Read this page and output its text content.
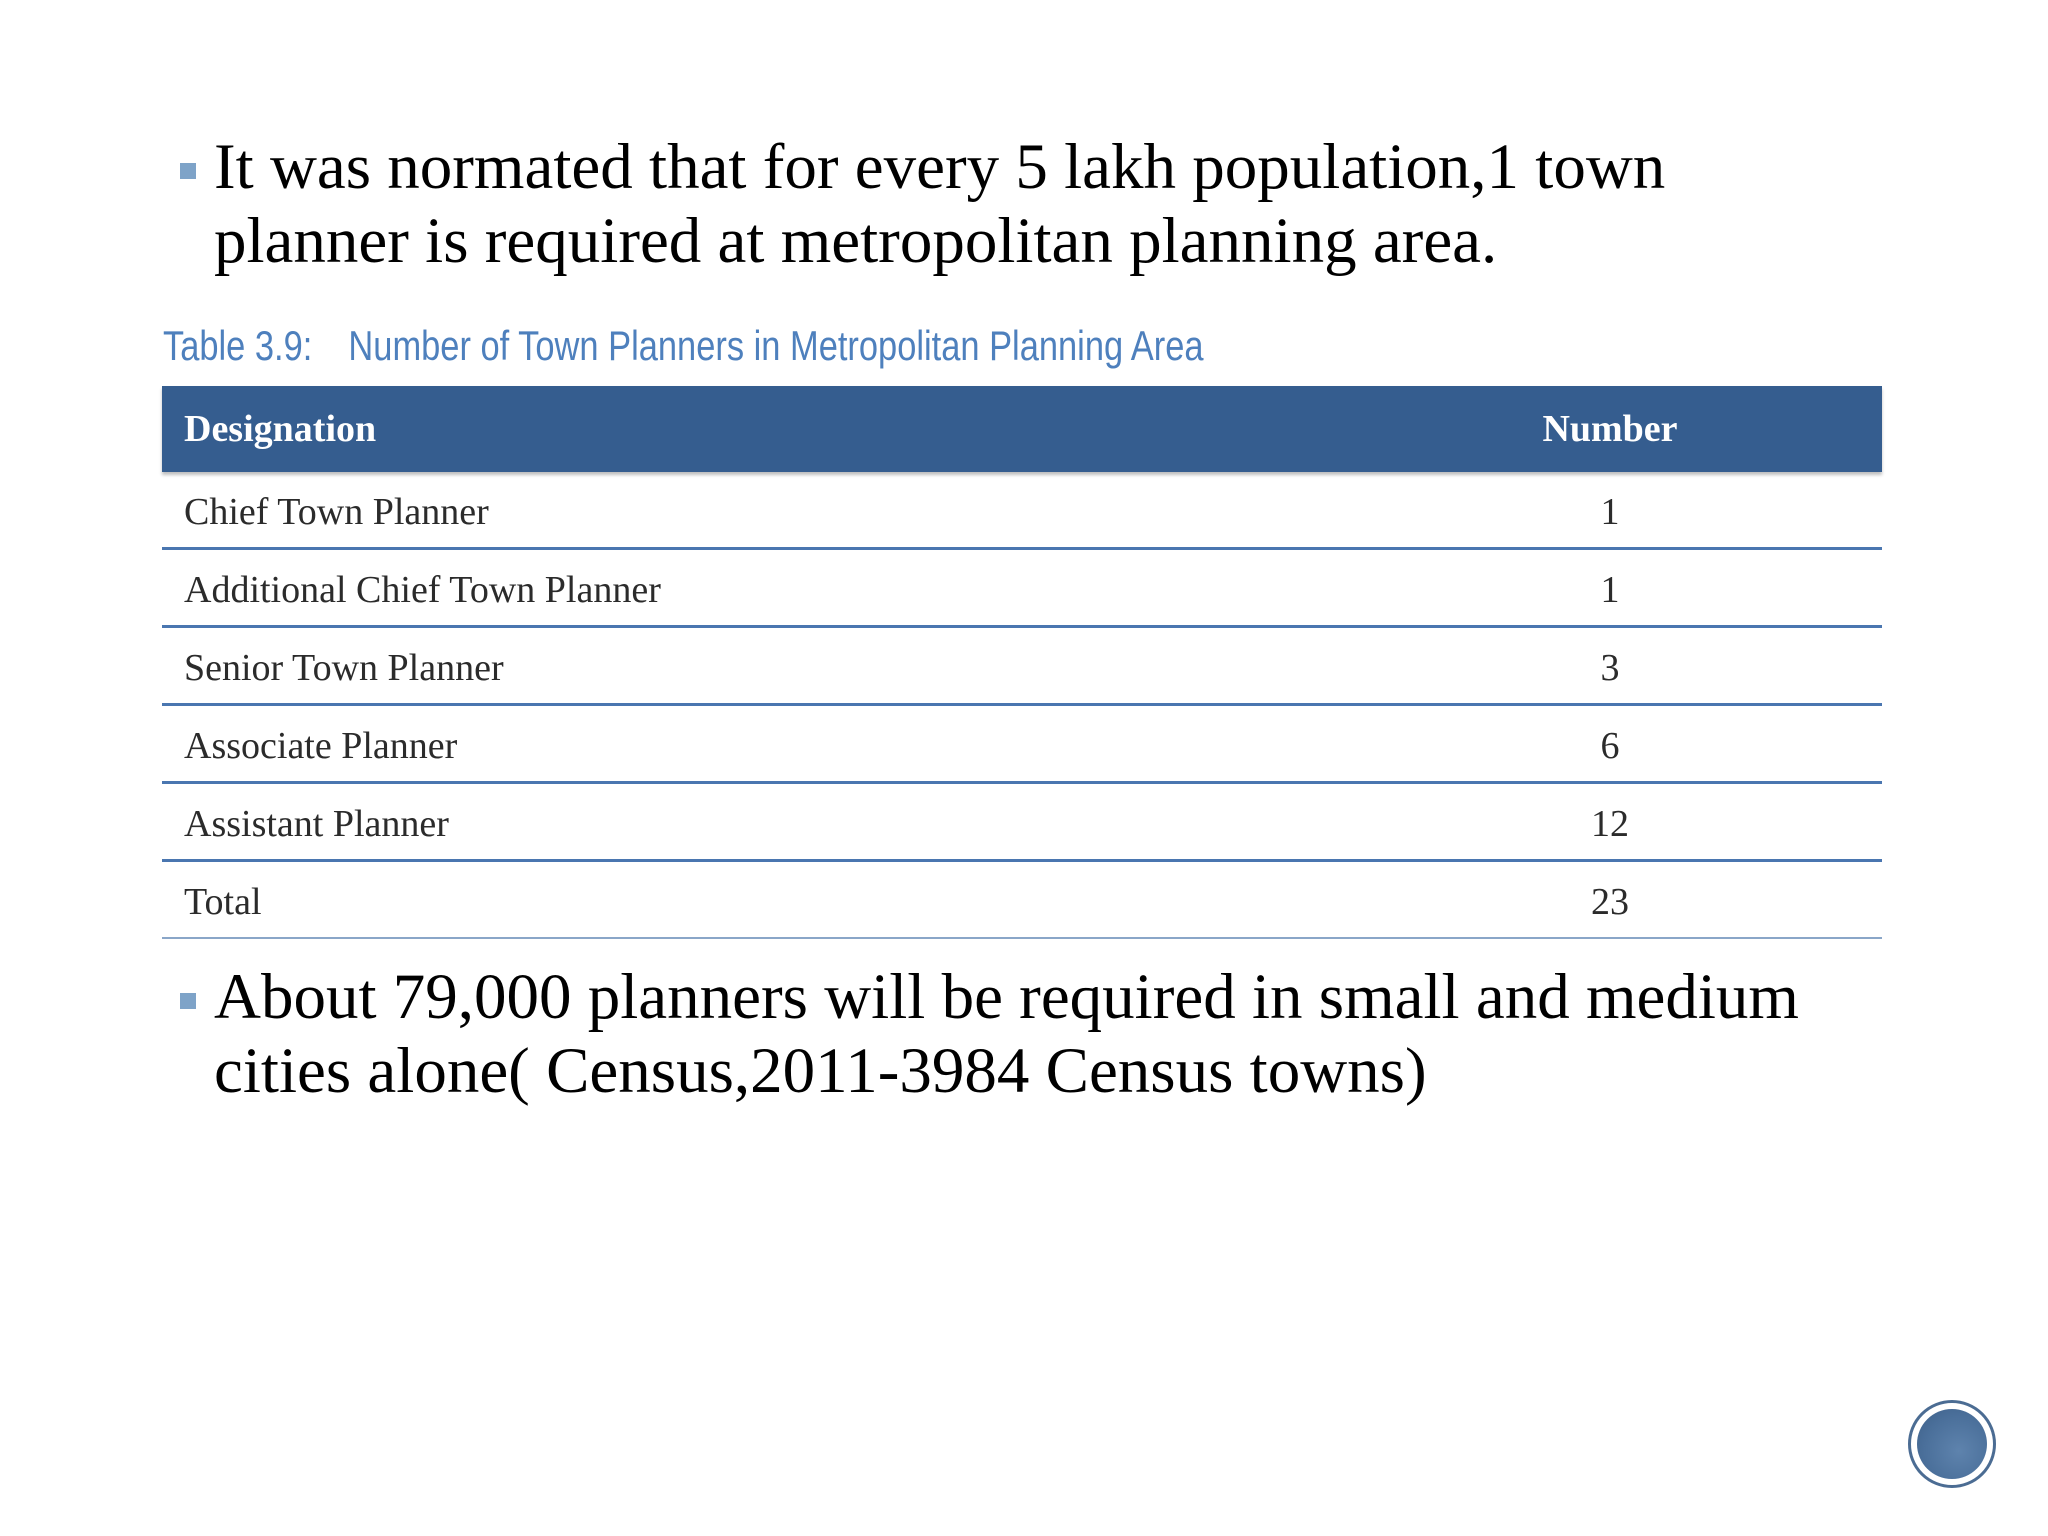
It was normated that for every 5 lakh population,1 town planner is required at metropolitan planning area.
Table 3.9: Number of Town Planners in Metropolitan Planning Area
Designation	Number
Chief Town Planner	1
Additional Chief Town Planner	1
Senior Town Planner	3
Associate Planner	6
Assistant Planner	12
Total	23
About 79,000 planners will be required in small and medium cities alone( Census,2011-3984 Census towns)
